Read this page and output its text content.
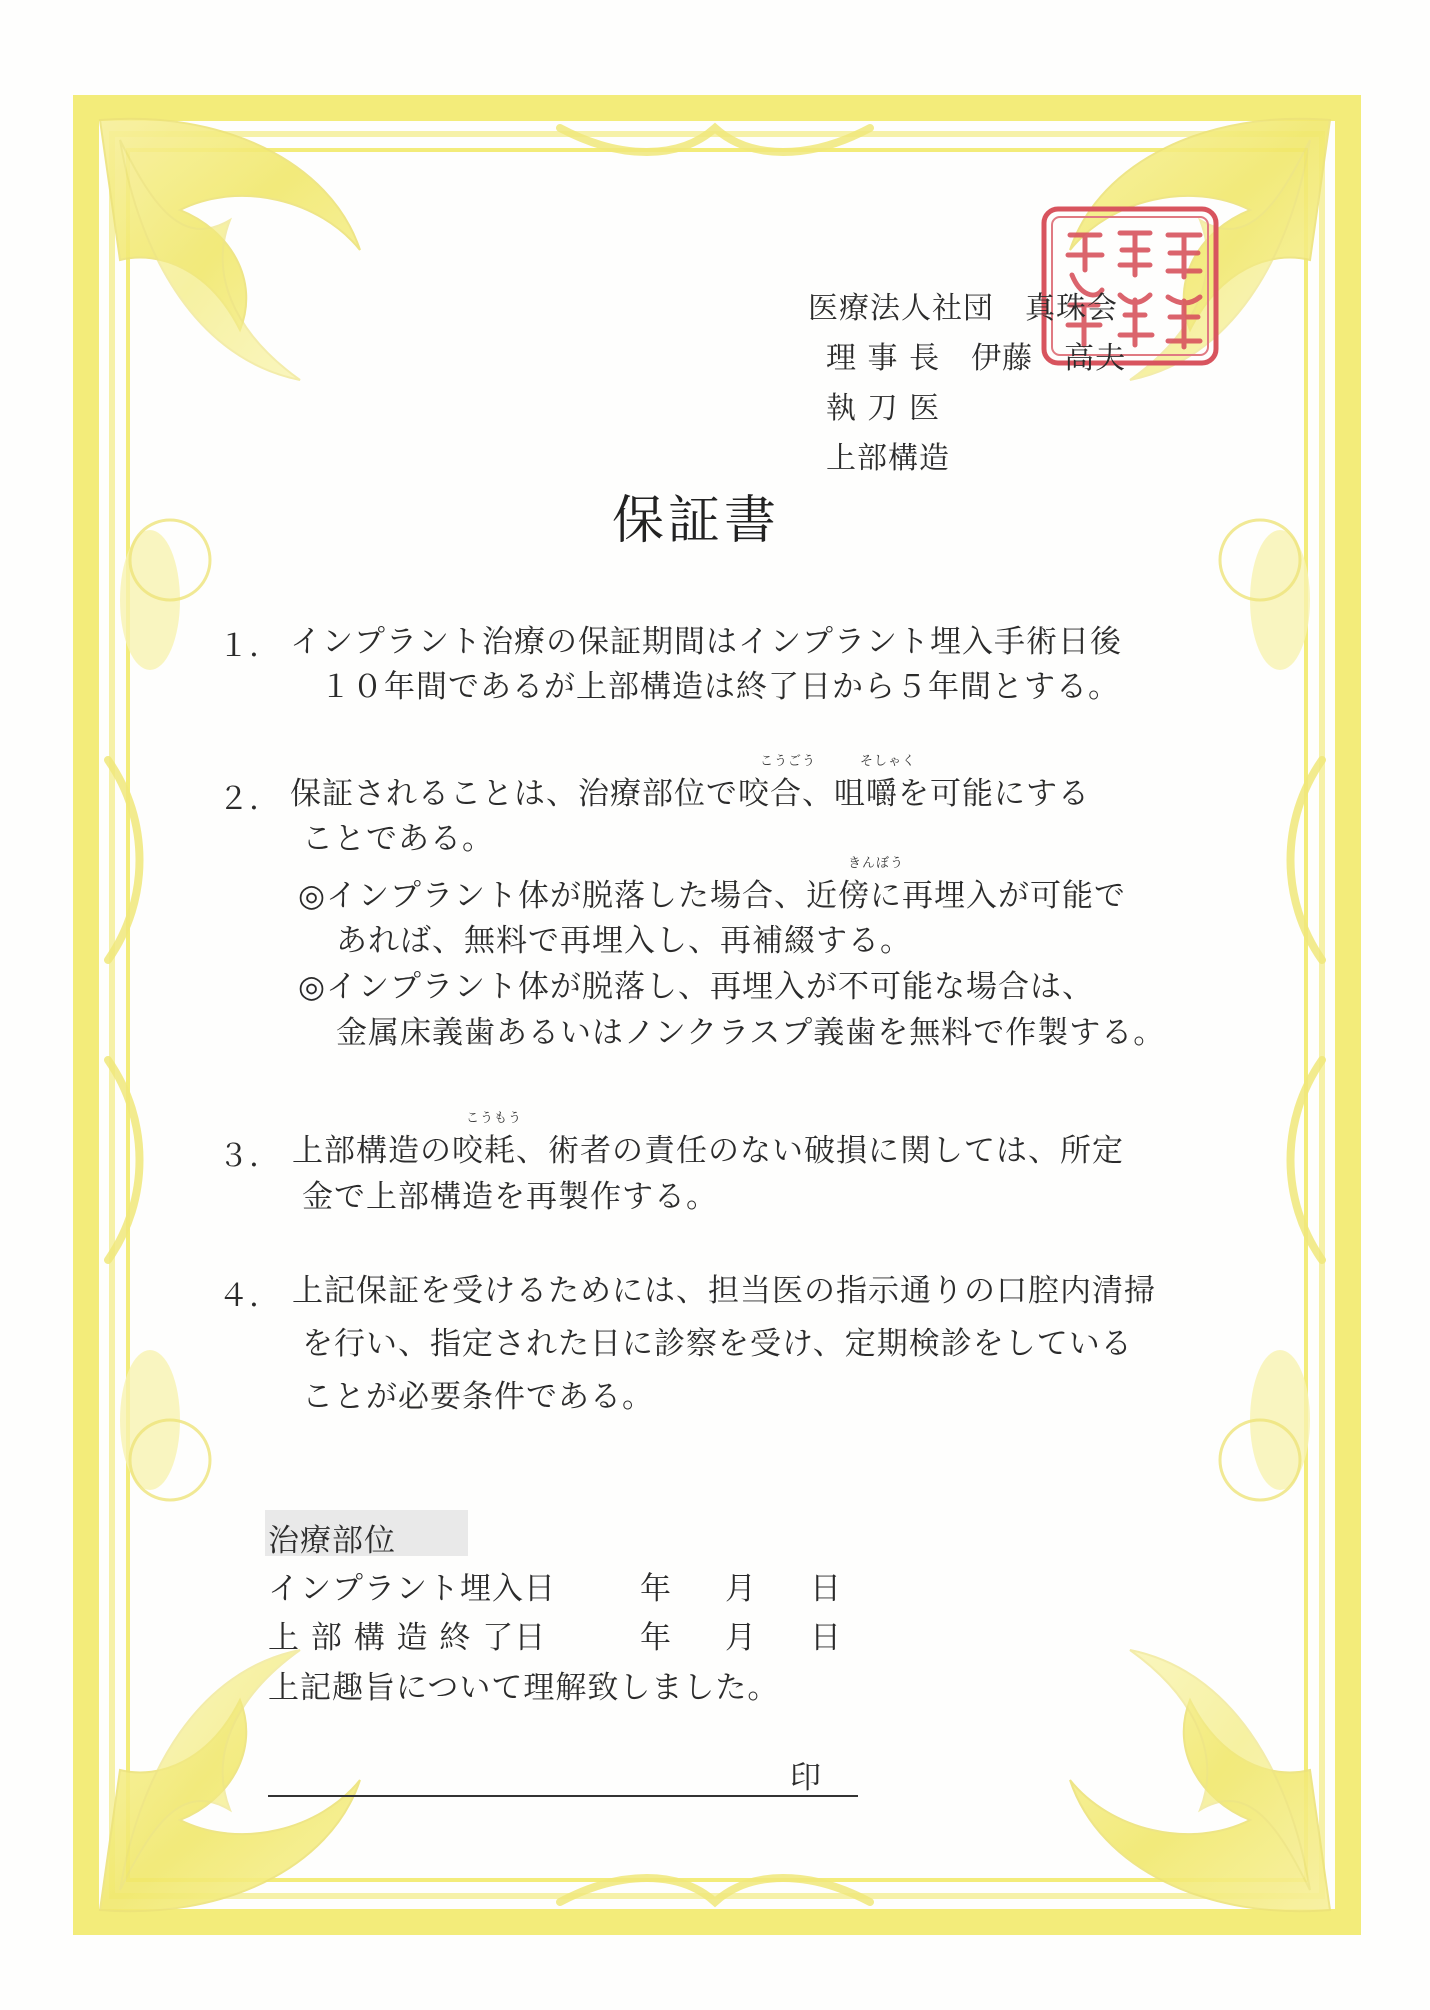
医療法人社団　真珠会
理 事 長　伊藤　高夫
執 刀 医
上部構造
保証書
１. インプラント治療の保証期間はインプラント埋入手術日後
１０年間であるが上部構造は終了日から５年間とする。
こうごう	そしゃく
２. 保証されることは、治療部位で咬合、咀嚼を可能にする
ことである。
きんぼう
◎インプラント体が脱落した場合、近傍に再埋入が可能で
あれば、無料で再埋入し、再補綴する。
◎インプラント体が脱落し、再埋入が不可能な場合は、
金属床義歯あるいはノンクラスプ義歯を無料で作製する。
こうもう
３. 上部構造の咬耗、術者の責任のない破損に関しては、所定
金で上部構造を再製作する。
４. 上記保証を受けるためには、担当医の指示通りの口腔内清掃
を行い、指定された日に診察を受け、定期検診をしている
ことが必要条件である。
治療部位
インプラント埋入日	年 月 日
上 部 構 造 終 了日	年 月 日
上記趣旨について理解致しました。
印
